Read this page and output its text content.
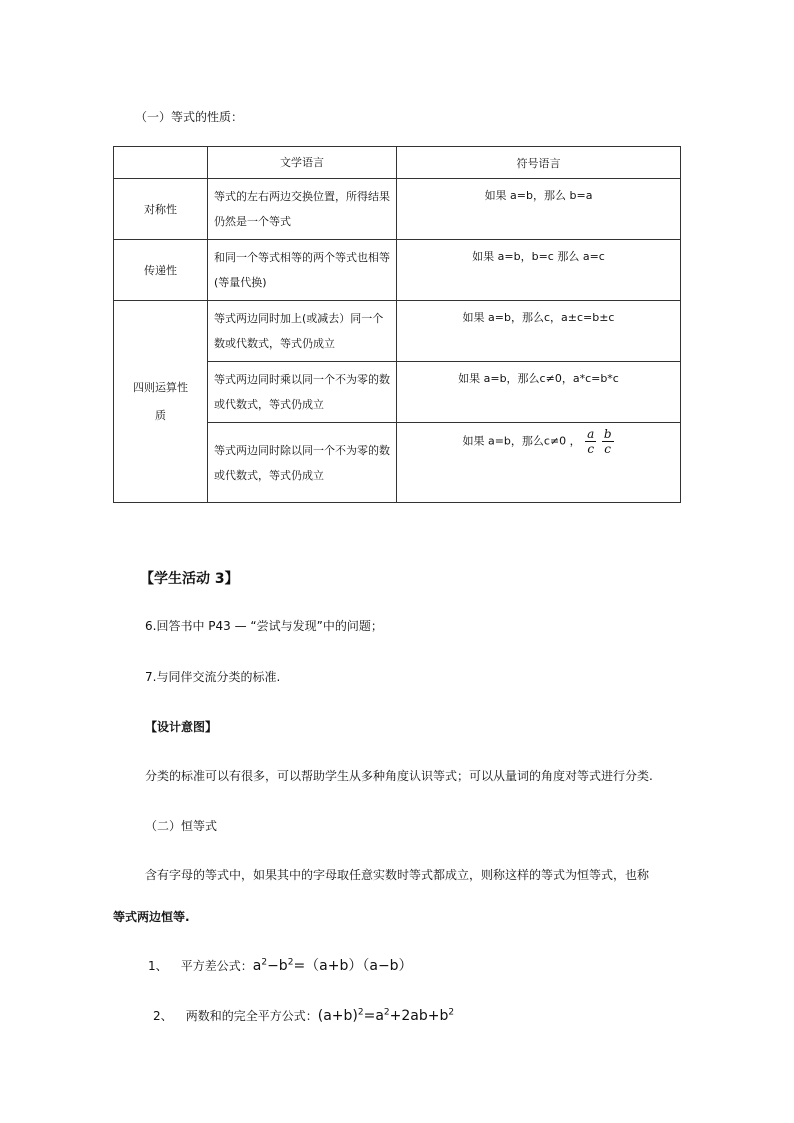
（一）等式的性质：
	文学语言	符号语言
对称性	等式的左右两边交换位置，所得结果仍然是一个等式	如果 a=b，那么 b=a

传递性	和同一个等式相等的两个等式也相等(等量代换)	如果 a=b，b=c 那么 a=c

四则运算性质	等式两边同时加上(或减去）同一个数或代数式，等式仍成立	如果 a=b，那么c，a±c=b±c

	等式两边同时乘以同一个不为零的数或代数式，等式仍成立	如果 a=b，那么c≠0，a*c=b*c

	等式两边同时除以同一个不为零的数或代数式，等式仍成立	如果 a=b，那么c≠0 ， $\frac{a}{c}$
$\frac{b}{c}$
【学生活动 3】
6.回答书中 P43 — “尝试与发现”中的问题；
7.与同伴交流分类的标准.
【设计意图】
分类的标准可以有很多，可以帮助学生从多种角度认识等式；可以从量词的角度对等式进行分类.
（二）恒等式
含有字母的等式中，如果其中的字母取任意实数时等式都成立，则称这样的等式为恒等式，也称
等式两边恒等.
1、 平方差公式：$a^2-b^2=(a+b)(a-b)$
2、 两数和的完全平方公式：$(a+b)^2=a^2+2ab+b^2$
